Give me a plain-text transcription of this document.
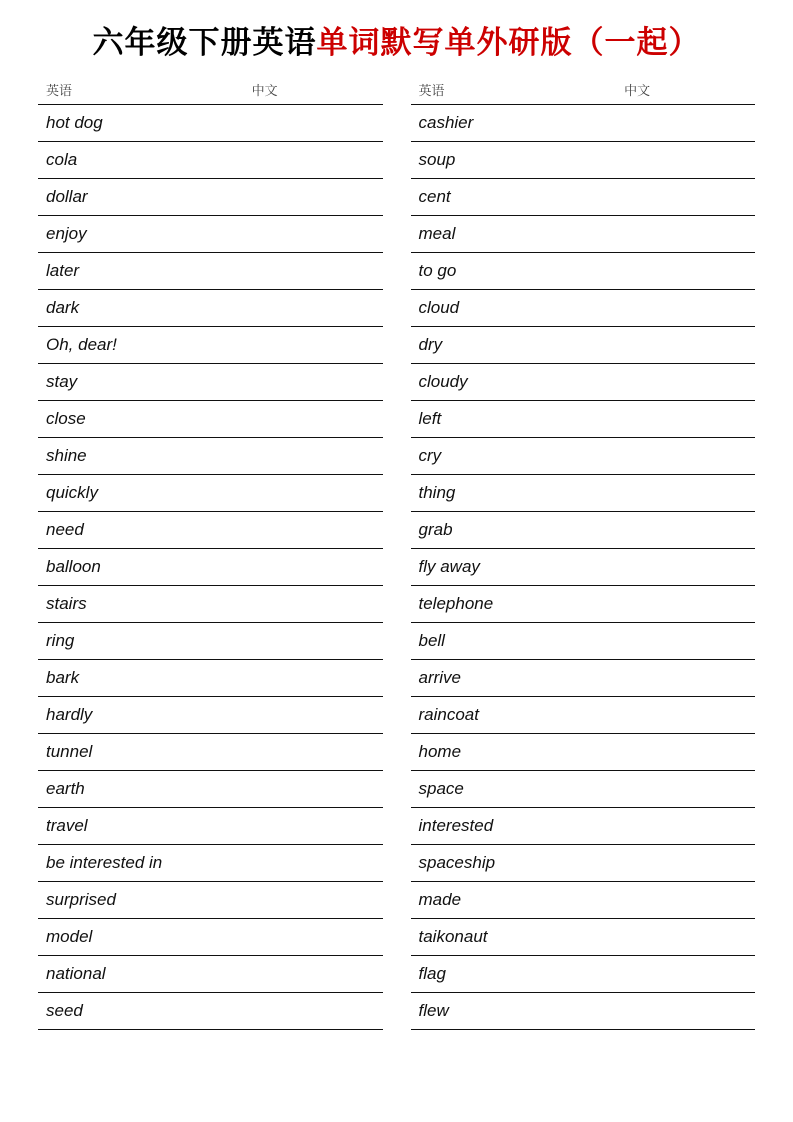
六年级下册英语单词默写单外研版（一起）
英语	中文
hot dog	
cola	
dollar	
enjoy	
later	
dark	
Oh, dear!	
stay	
close	
shine	
quickly	
need	
balloon	
stairs	
ring	
bark	
hardly	
tunnel	
earth	
travel	
be interested in	
surprised	
model	
national	
seed	
英语	中文
cashier	
soup	
cent	
meal	
to go	
cloud	
dry	
cloudy	
left	
cry	
thing	
grab	
fly away	
telephone	
bell	
arrive	
raincoat	
home	
space	
interested	
spaceship	
made	
taikonaut	
flag	
flew	
